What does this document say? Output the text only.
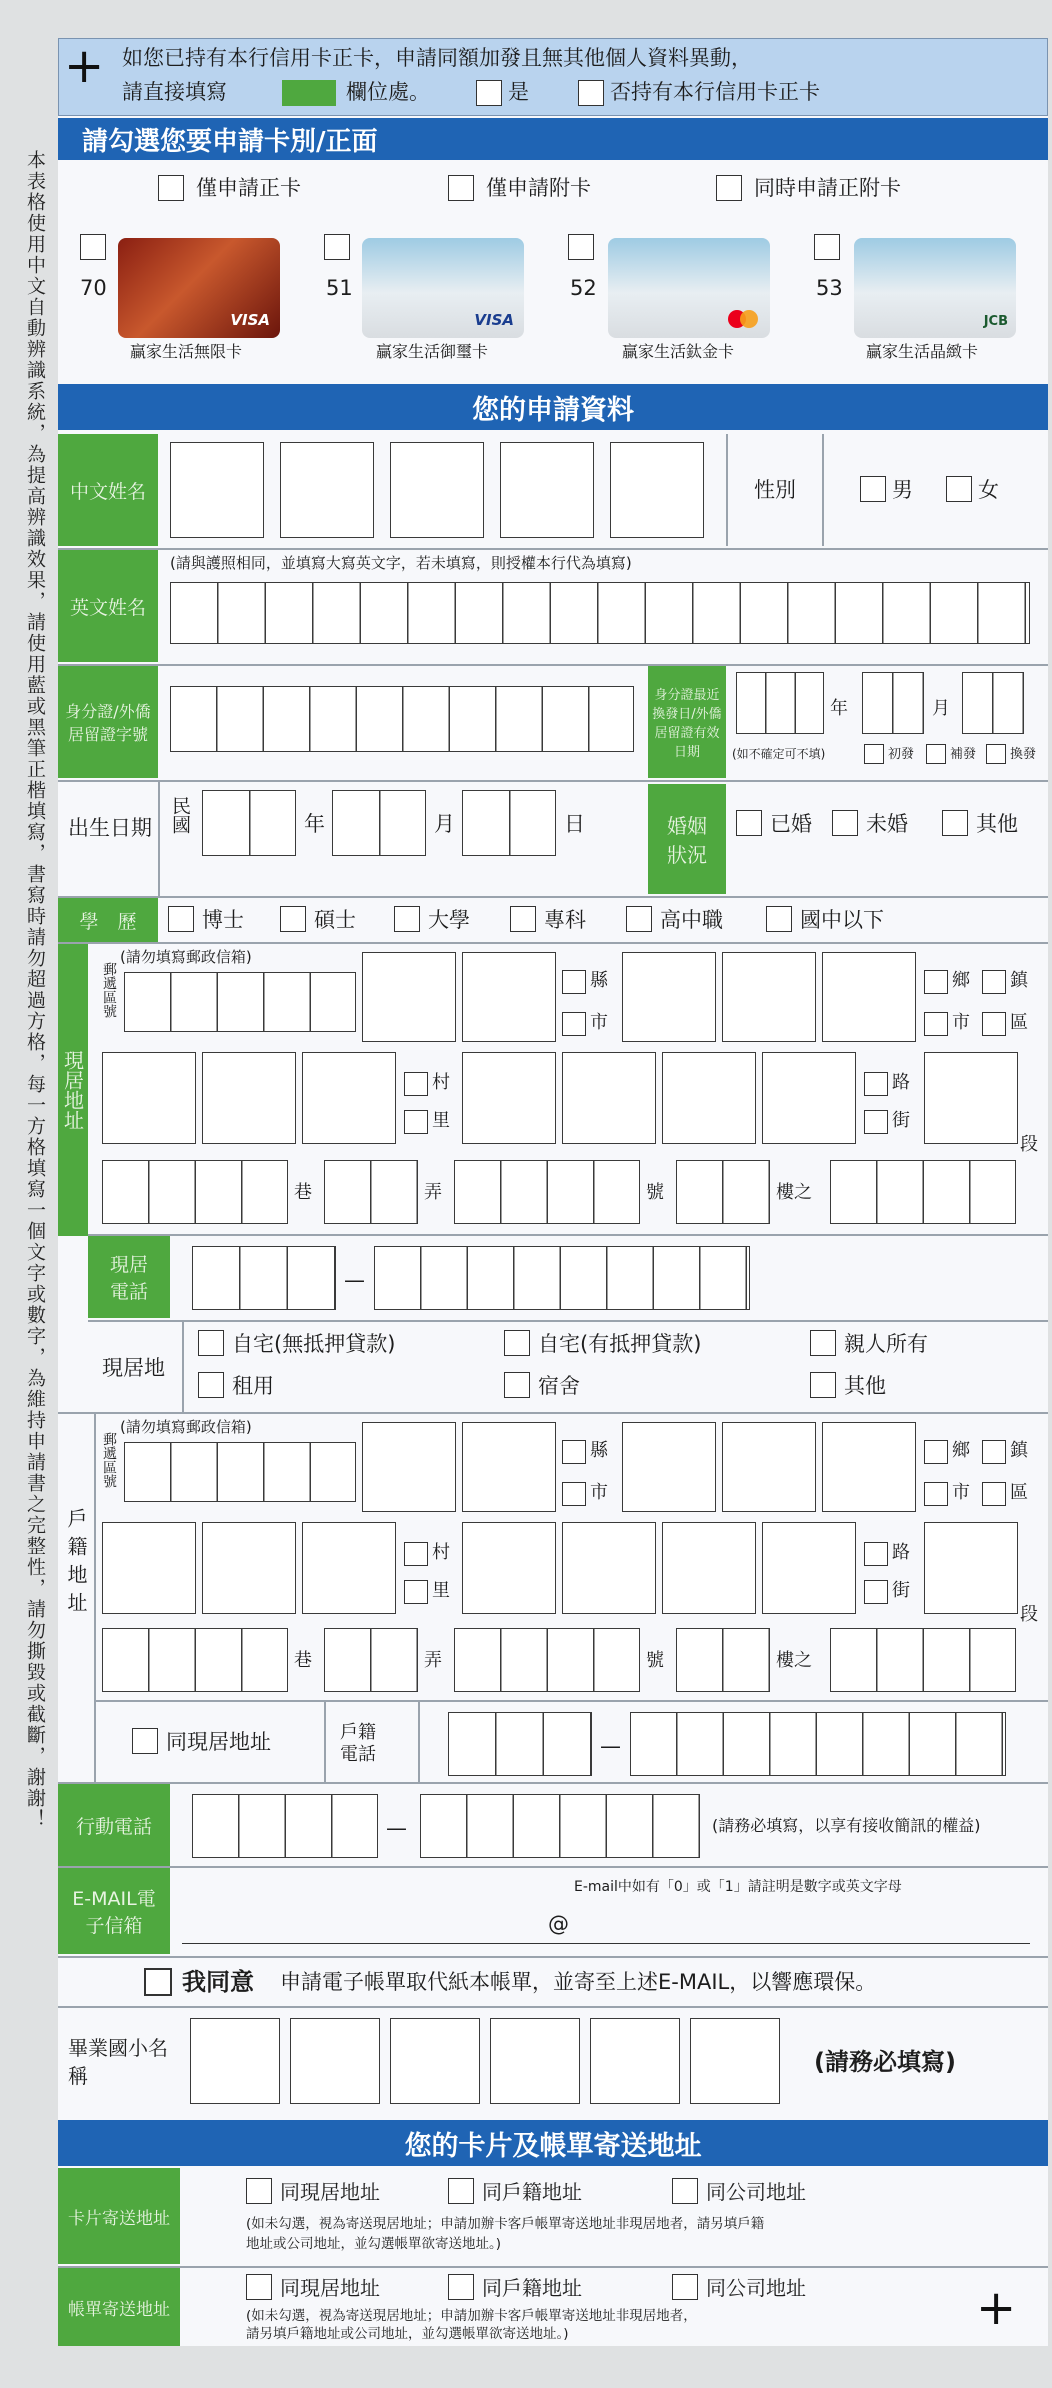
本表格使用中文自動辨識系統，為提高辨識效果，請使用藍或黑筆正楷填寫，書寫時請勿超過方格，每一方格填寫一個文字或數字，為維持申請書之完整性，請勿撕毀或截斷，謝謝！
+ 如您已持有本行信用卡正卡，申請同額加發且無其他個人資料異動，
請直接填寫	欄位處。	是	否持有本行信用卡正卡
請勾選您要申請卡別/正面
僅申請正卡	僅申請附卡	同時申請正附卡
70
VISA
贏家生活無限卡
51
VISA
贏家生活御璽卡
52
贏家生活鈦金卡
53
JCB
贏家生活晶緻卡
您的申請資料
中文姓名	性別	男	女
(請與護照相同，並填寫大寫英文字，若未填寫，則授權本行代為填寫)
英文姓名
身分證/外僑居留證字號
身分證最近換發日/外僑居留證有效日期
年	月
(如不確定可不填)	初發	補發	換發
出生日期 民國	年	月	日	婚姻狀況
已婚	未婚	其他
學　歷	博士	碩士	大學	專科	高中職	國中以下
現居地址
郵遞區號
(請勿填寫郵政信箱)
縣
市
鄉 鎮
市 區
村
里
路
街
段
巷	弄	號	樓之
現居電話	—
現居地
自宅(無抵押貸款)	自宅(有抵押貸款)	親人所有
租用	宿舍	其他
戶籍地址
郵遞區號
(請勿填寫郵政信箱)
縣
市
鄉 鎮
市 區
村
里
路
街
段
巷	弄	號	樓之
同現居地址	戶籍電話	—
行動電話	—	(請務必填寫，以享有接收簡訊的權益)
E-MAIL電子信箱
E-mail中如有「0」或「1」請註明是數字或英文字母
@
我同意 申請電子帳單取代紙本帳單，並寄至上述E-MAIL，以響應環保。
畢業國小名　稱	(請務必填寫)
您的卡片及帳單寄送地址
卡片寄送地址
同現居地址	同戶籍地址	同公司地址
(如未勾選，視為寄送現居地址；申請加辦卡客戶帳單寄送地址非現居地者，請另填戶籍
地址或公司地址，並勾選帳單欲寄送地址。)
帳單寄送地址
同現居地址	同戶籍地址	同公司地址
(如未勾選，視為寄送現居地址；申請加辦卡客戶帳單寄送地址非現居地者，
請另填戶籍地址或公司地址，並勾選帳單欲寄送地址。)	+
